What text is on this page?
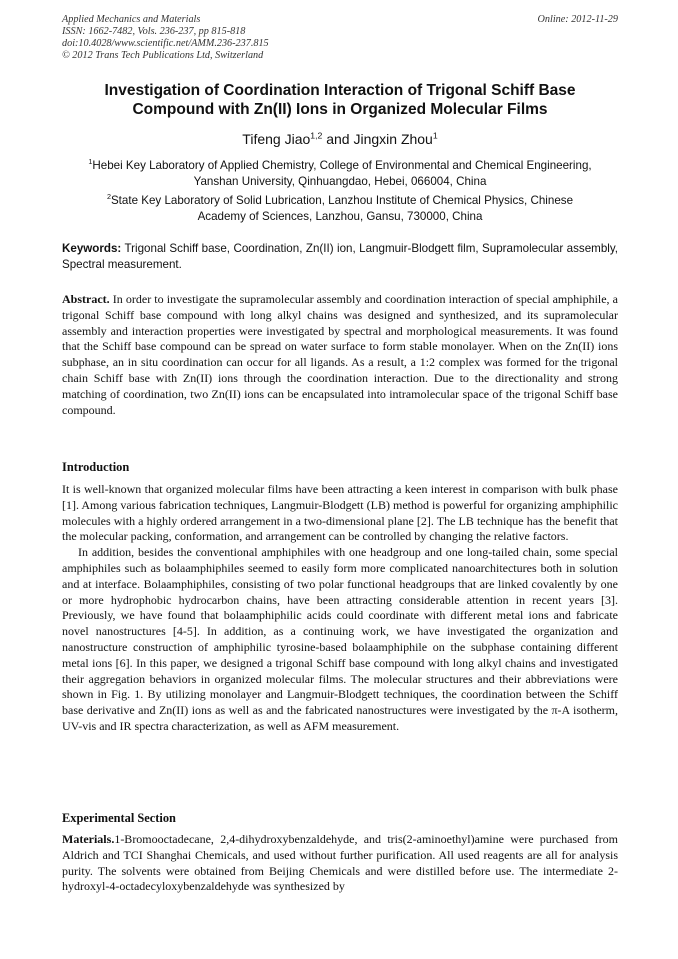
Applied Mechanics and Materials
ISSN: 1662-7482, Vols. 236-237, pp 815-818
doi:10.4028/www.scientific.net/AMM.236-237.815
© 2012 Trans Tech Publications Ltd, Switzerland
Online: 2012-11-29
Investigation of Coordination Interaction of Trigonal Schiff Base
Compound with Zn(II) Ions in Organized Molecular Films
Tifeng Jiao$^{1,2}$ and Jingxin Zhou$^1$
$^1$Hebei Key Laboratory of Applied Chemistry, College of Environmental and Chemical Engineering,
Yanshan University, Qinhuangdao, Hebei, 066004, China
$^2$State Key Laboratory of Solid Lubrication, Lanzhou Institute of Chemical Physics, Chinese
Academy of Sciences, Lanzhou, Gansu, 730000, China
Keywords: Trigonal Schiff base, Coordination, Zn(II) ion, Langmuir-Blodgett film, Supramolecular assembly, Spectral measurement.
Abstract. In order to investigate the supramolecular assembly and coordination interaction of special amphiphile, a trigonal Schiff base compound with long alkyl chains was designed and synthesized, and its supramolecular assembly and interaction properties were investigated by spectral and morphological measurements. It was found that the Schiff base compound can be spread on water surface to form stable monolayer. When on the Zn(II) ions subphase, an in situ coordination can occur for all ligands. As a result, a 1:2 complex was formed for the trigonal chain Schiff base with Zn(II) ions through the coordination interaction. Due to the directionality and strong matching of coordination, two Zn(II) ions can be encapsulated into intramolecular space of the trigonal Schiff base compound.
Introduction

It is well-known that organized molecular films have been attracting a keen interest in comparison with bulk phase [1]. Among various fabrication techniques, Langmuir-Blodgett (LB) method is powerful for organizing amphiphilic molecules with a highly ordered arrangement in a two-dimensional plane [2]. The LB technique has the benefit that the molecular packing, conformation, and arrangement can be controlled by changing the relative factors.

In addition, besides the conventional amphiphiles with one headgroup and one long-tailed chain, some special amphiphiles such as bolaamphiphiles seemed to easily form more complicated nanoarchitectures both in solution and at interface. Bolaamphiphiles, consisting of two polar functional headgroups that are linked covalently by one or more hydrophobic hydrocarbon chains, have been attracting considerable attention in recent years [3]. Previously, we have found that bolaamphiphilic acids could coordinate with different metal ions and fabricate novel nanostructures [4-5]. In addition, as a continuing work, we have investigated the organization and nanostructure construction of amphiphilic tyrosine-based bolaamphiphile on the subphase containing different metal ions [6]. In this paper, we designed a trigonal Schiff base compound with long alkyl chains and investigated their aggregation behaviors in organized molecular films. The molecular structures and their abbreviations were shown in Fig. 1. By utilizing monolayer and Langmuir-Blodgett techniques, the coordination between the Schiff base derivative and Zn(II) ions as well as and the fabricated nanostructures were investigated by the π-A isotherm, UV-vis and IR spectra characterization, as well as AFM measurement.

Experimental Section
Materials.1-Bromooctadecane, 2,4-dihydroxybenzaldehyde, and tris(2-aminoethyl)amine were purchased from Aldrich and TCI Shanghai Chemicals, and used without further purification. All used reagents are all for analysis purity. The solvents were obtained from Beijing Chemicals and were distilled before use. The intermediate 2-hydroxyl-4-octadecyloxybenzaldehyde was synthesized by
